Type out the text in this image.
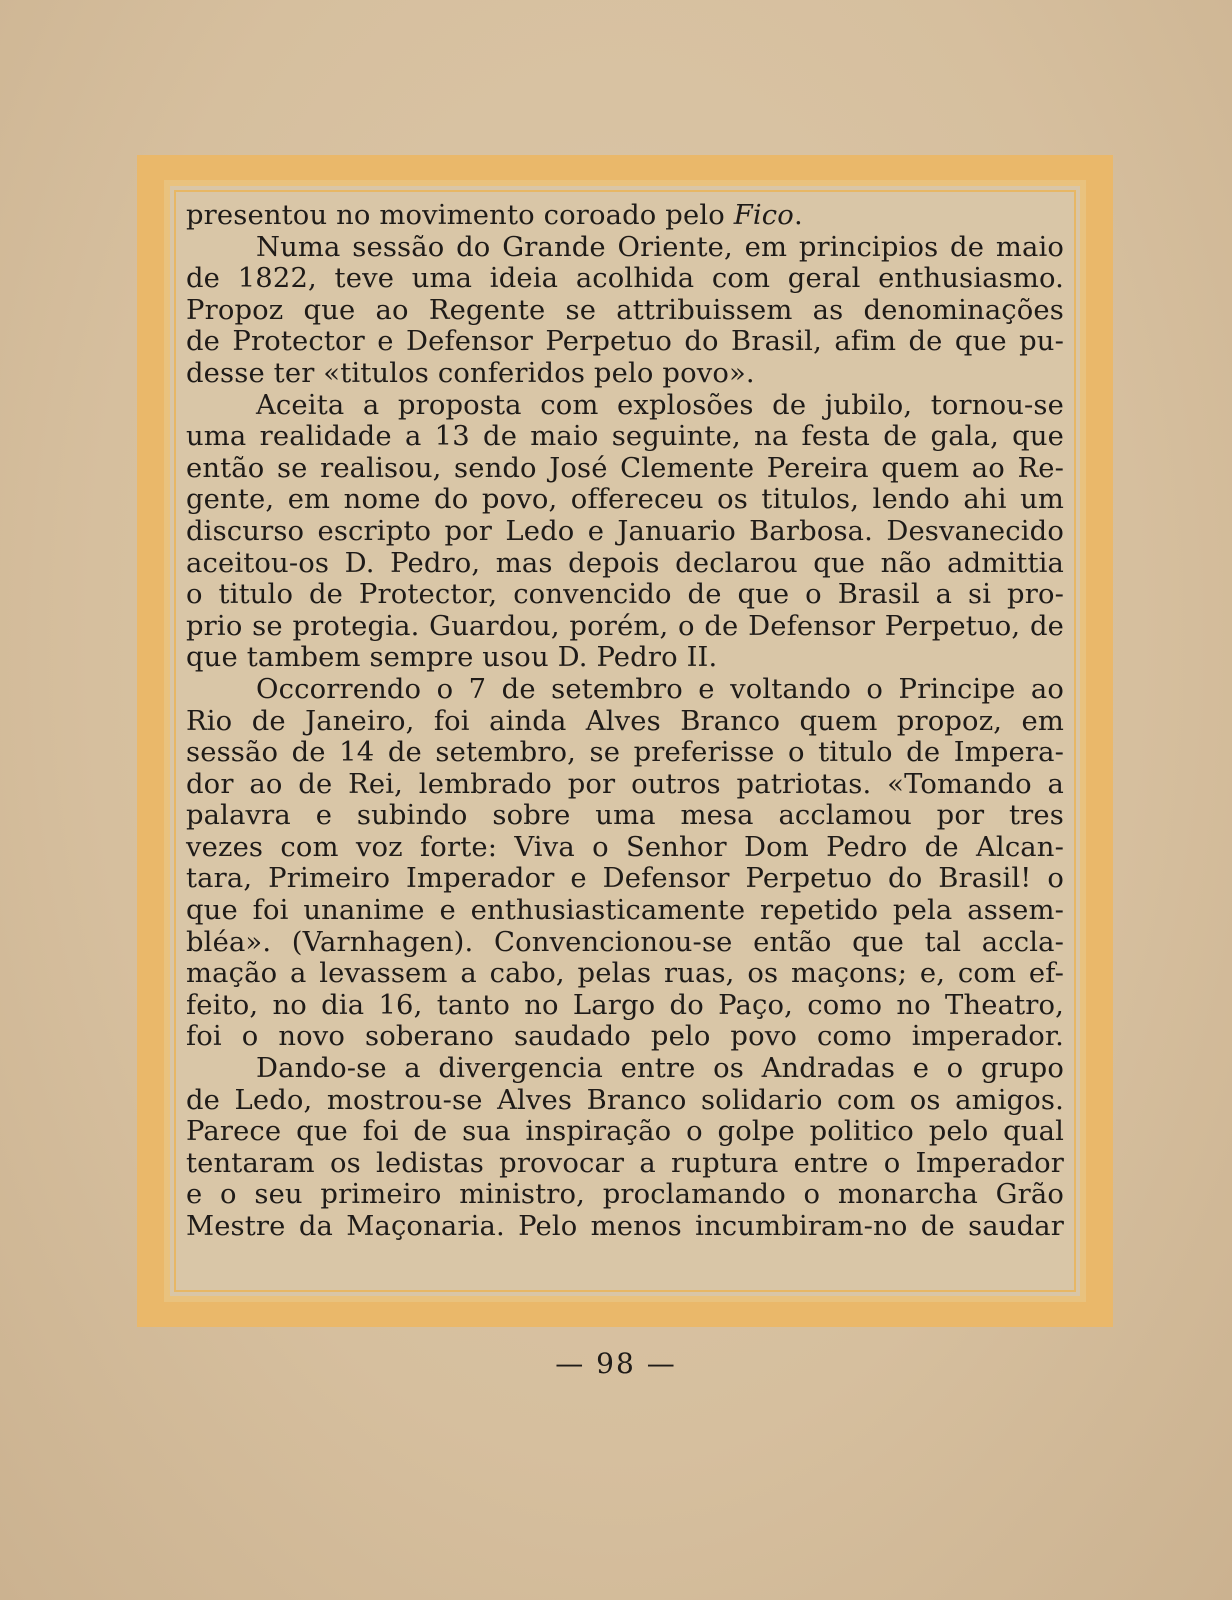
presentou no movimento coroado pelo Fico.
Numa sessão do Grande Oriente, em principios de maio
de 1822, teve uma ideia acolhida com geral enthusiasmo.
Propoz que ao Regente se attribuissem as denominações
de Protector e Defensor Perpetuo do Brasil, afim de que pu-
desse ter «titulos conferidos pelo povo».
Aceita a proposta com explosões de jubilo, tornou-se
uma realidade a 13 de maio seguinte, na festa de gala, que
então se realisou, sendo José Clemente Pereira quem ao Re-
gente, em nome do povo, offereceu os titulos, lendo ahi um
discurso escripto por Ledo e Januario Barbosa. Desvanecido
aceitou-os D. Pedro, mas depois declarou que não admittia
o titulo de Protector, convencido de que o Brasil a si pro-
prio se protegia. Guardou, porém, o de Defensor Perpetuo, de
que tambem sempre usou D. Pedro II.
Occorrendo o 7 de setembro e voltando o Principe ao
Rio de Janeiro, foi ainda Alves Branco quem propoz, em
sessão de 14 de setembro, se preferisse o titulo de Impera-
dor ao de Rei, lembrado por outros patriotas. «Tomando a
palavra e subindo sobre uma mesa acclamou por tres
vezes com voz forte: Viva o Senhor Dom Pedro de Alcan-
tara, Primeiro Imperador e Defensor Perpetuo do Brasil! o
que foi unanime e enthusiasticamente repetido pela assem-
bléa». (Varnhagen). Convencionou-se então que tal accla-
mação a levassem a cabo, pelas ruas, os maçons; e, com ef-
feito, no dia 16, tanto no Largo do Paço, como no Theatro,
foi o novo soberano saudado pelo povo como imperador.
Dando-se a divergencia entre os Andradas e o grupo
de Ledo, mostrou-se Alves Branco solidario com os amigos.
Parece que foi de sua inspiração o golpe politico pelo qual
tentaram os ledistas provocar a ruptura entre o Imperador
e o seu primeiro ministro, proclamando o monarcha Grão
Mestre da Maçonaria. Pelo menos incumbiram-no de saudar
— 98 —
